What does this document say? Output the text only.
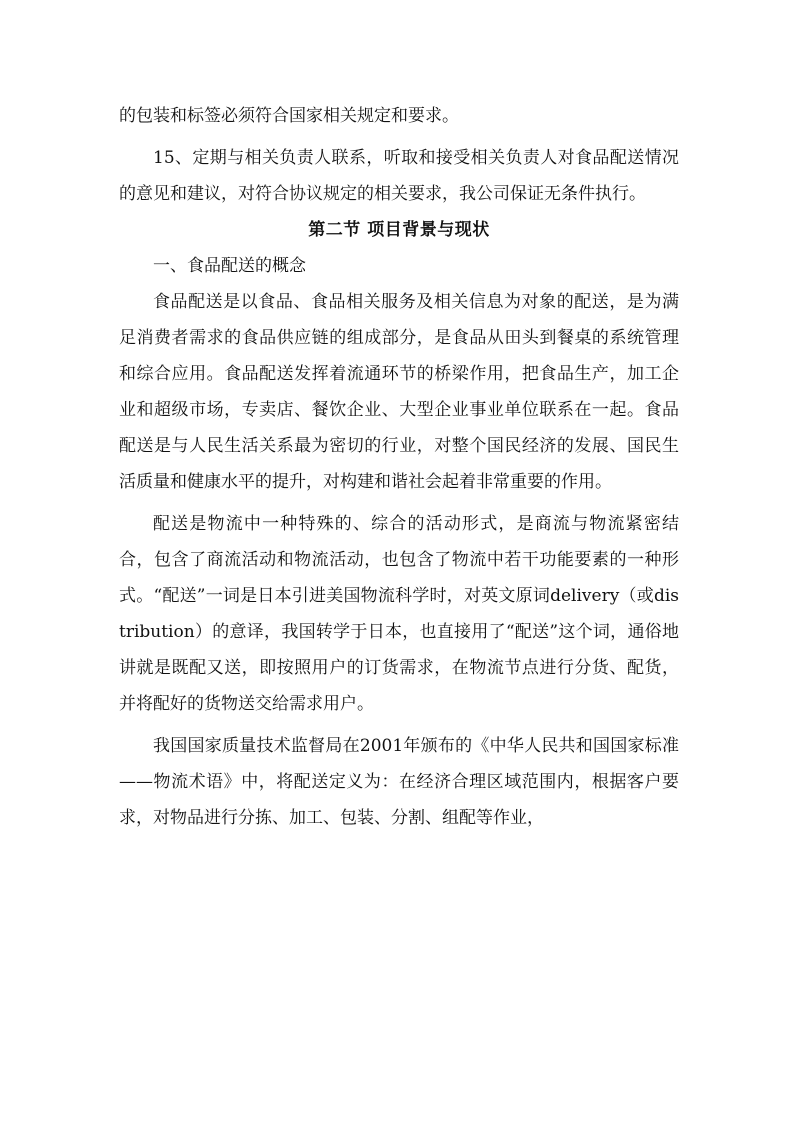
的包装和标签必须符合国家相关规定和要求。

15、定期与相关负责人联系，听取和接受相关负责人对食品配送情况的意见和建议，对符合协议规定的相关要求，我公司保证无条件执行。

第二节 项目背景与现状

一、食品配送的概念

食品配送是以食品、食品相关服务及相关信息为对象的配送，是为满足消费者需求的食品供应链的组成部分，是食品从田头到餐桌的系统管理和综合应用。食品配送发挥着流通环节的桥梁作用，把食品生产，加工企业和超级市场，专卖店、餐饮企业、大型企业事业单位联系在一起。食品配送是与人民生活关系最为密切的行业，对整个国民经济的发展、国民生活质量和健康水平的提升，对构建和谐社会起着非常重要的作用。

配送是物流中一种特殊的、综合的活动形式，是商流与物流紧密结合，包含了商流活动和物流活动，也包含了物流中若干功能要素的一种形式。“配送”一词是日本引进美国物流科学时，对英文原词delivery（或distribution）的意译，我国转学于日本，也直接用了“配送”这个词，通俗地讲就是既配又送，即按照用户的订货需求，在物流节点进行分货、配货，并将配好的货物送交给需求用户。

我国国家质量技术监督局在2001年颁布的《中华人民共和国国家标准——物流术语》中，将配送定义为：在经济合理区域范围内，根据客户要求，对物品进行分拣、加工、包装、分割、组配等作业，
